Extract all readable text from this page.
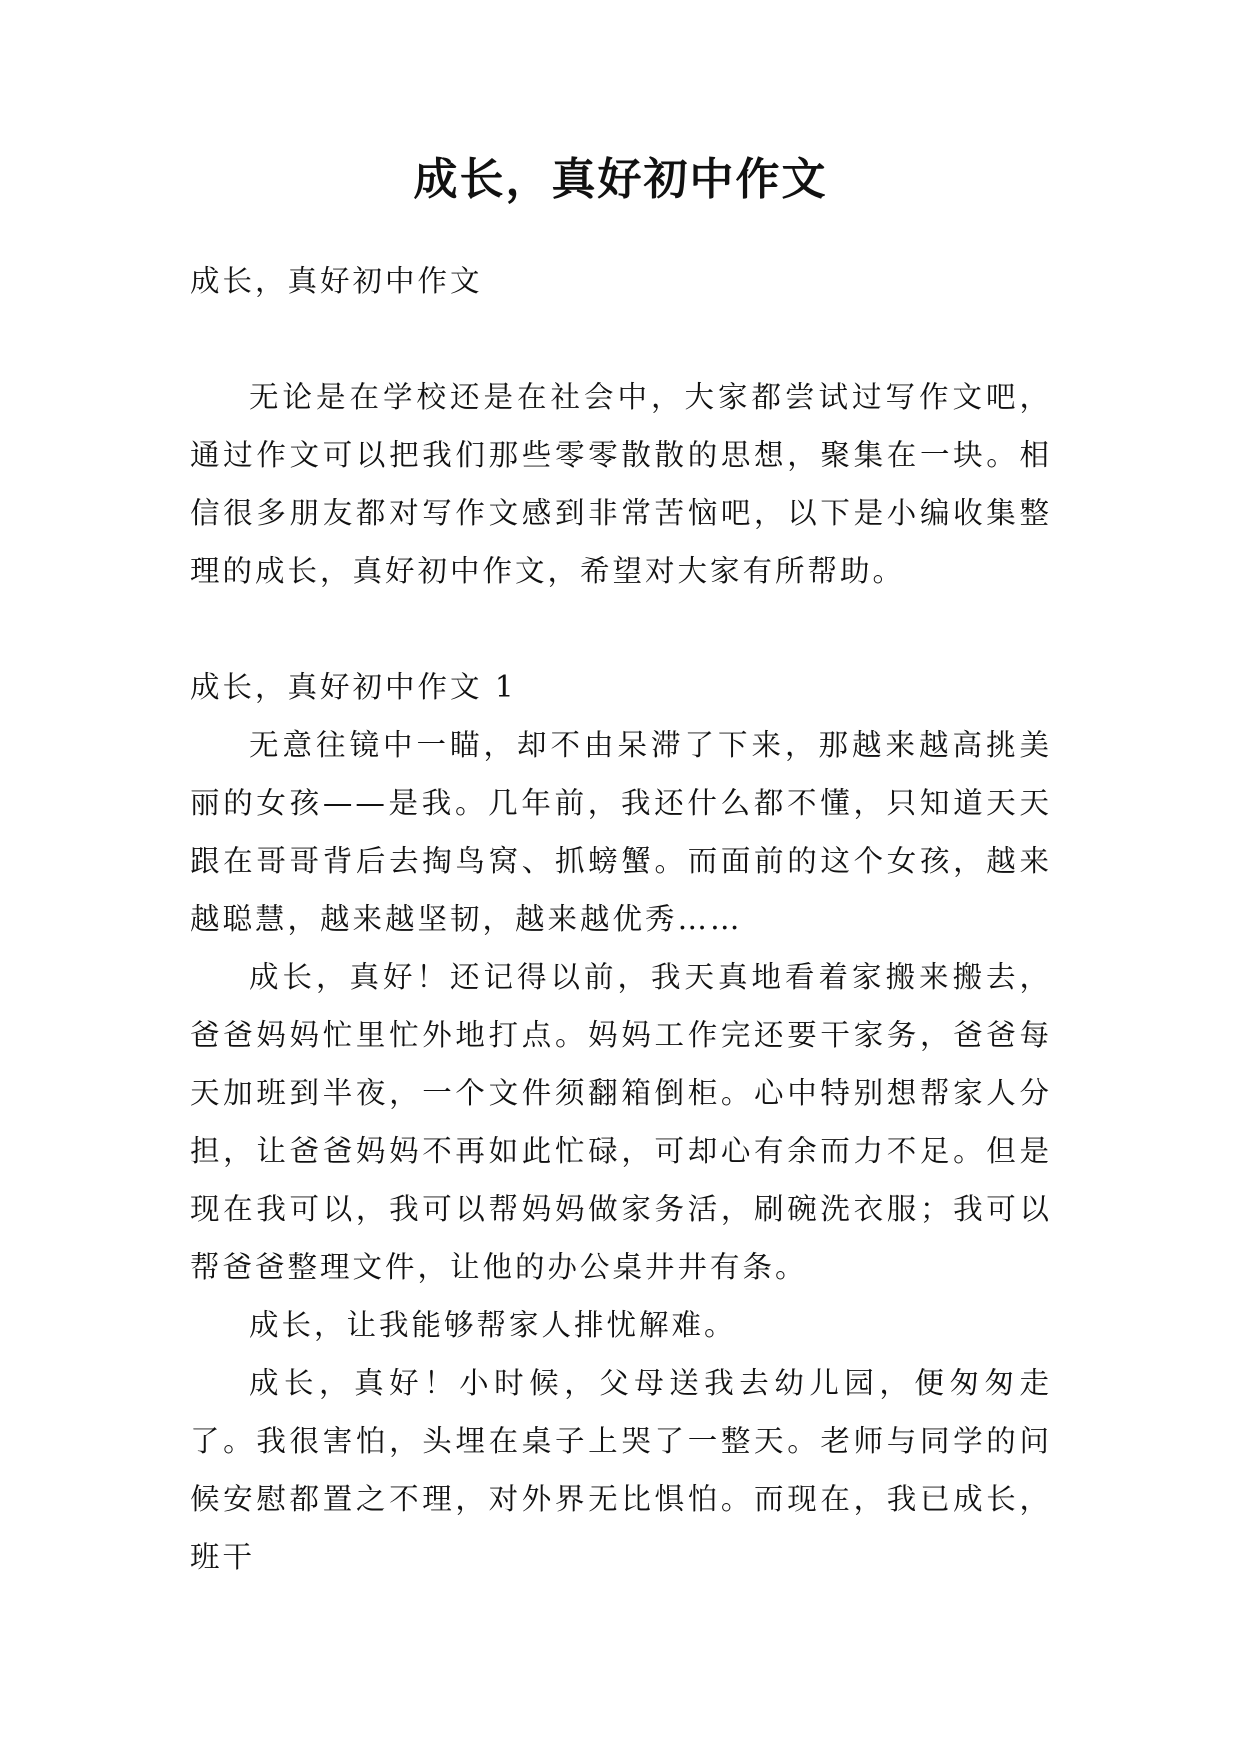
成长，真好初中作文

成长，真好初中作文

无论是在学校还是在社会中，大家都尝试过写作文吧，通过作文可以把我们那些零零散散的思想，聚集在一块。相信很多朋友都对写作文感到非常苦恼吧，以下是小编收集整理的成长，真好初中作文，希望对大家有所帮助。

成长，真好初中作文 1

无意往镜中一瞄，却不由呆滞了下来，那越来越高挑美丽的女孩——是我。几年前，我还什么都不懂，只知道天天跟在哥哥背后去掏鸟窝、抓螃蟹。而面前的这个女孩，越来越聪慧，越来越坚韧，越来越优秀……

成长，真好！还记得以前，我天真地看着家搬来搬去，爸爸妈妈忙里忙外地打点。妈妈工作完还要干家务，爸爸每天加班到半夜，一个文件须翻箱倒柜。心中特别想帮家人分担，让爸爸妈妈不再如此忙碌，可却心有余而力不足。但是现在我可以，我可以帮妈妈做家务活，刷碗洗衣服；我可以帮爸爸整理文件，让他的办公桌井井有条。

成长，让我能够帮家人排忧解难。

成长，真好！小时候，父母送我去幼儿园，便匆匆走了。我很害怕，头埋在桌子上哭了一整天。老师与同学的问候安慰都置之不理，对外界无比惧怕。而现在，我已成长，班干
